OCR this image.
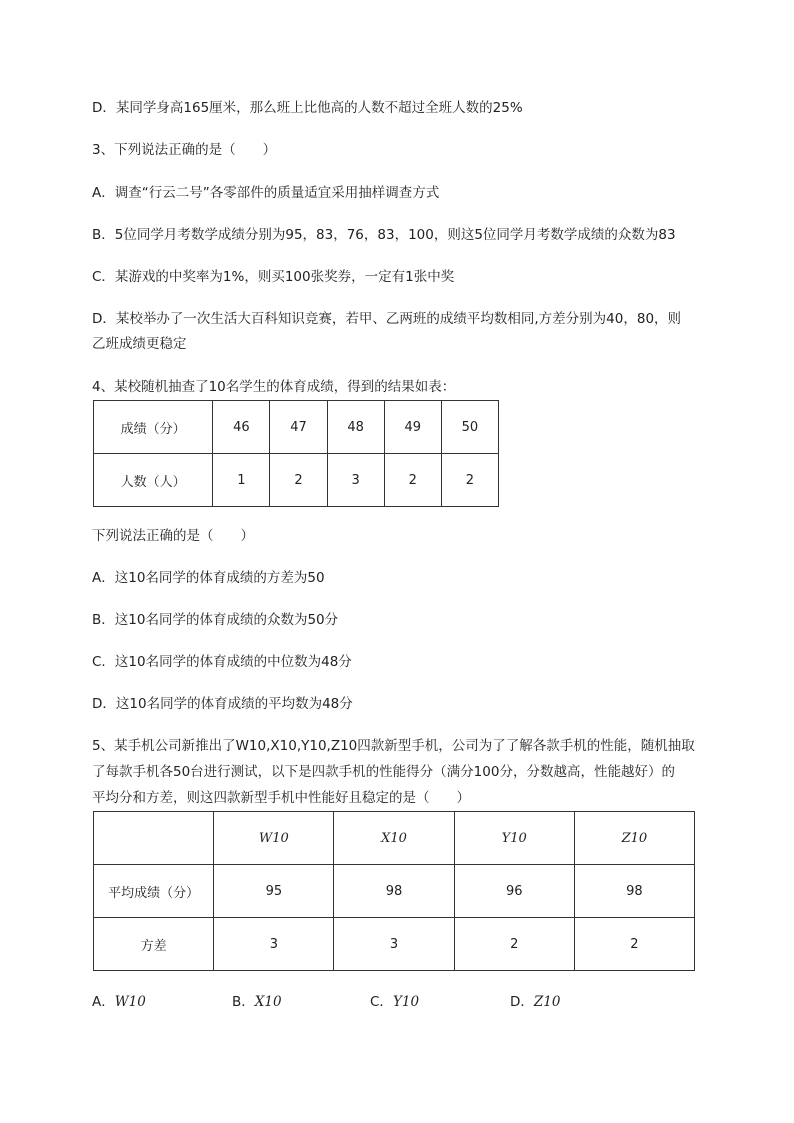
D．某同学身高165厘米，那么班上比他高的人数不超过全班人数的25%
3、下列说法正确的是（　　）
A．调查“行云二号”各零部件的质量适宜采用抽样调查方式
B．5位同学月考数学成绩分别为95，83，76，83，100，则这5位同学月考数学成绩的众数为83
C．某游戏的中奖率为1%，则买100张奖券，一定有1张中奖
D．某校举办了一次生活大百科知识竞赛，若甲、乙两班的成绩平均数相同,方差分别为40，80，则
乙班成绩更稳定
4、某校随机抽查了10名学生的体育成绩，得到的结果如表：
成绩（分）	46	47	48	49	50
人数（人）	1	2	3	2	2
下列说法正确的是（　　）
A．这10名同学的体育成绩的方差为50
B．这10名同学的体育成绩的众数为50分
C．这10名同学的体育成绩的中位数为48分
D．这10名同学的体育成绩的平均数为48分
5、某手机公司新推出了W10,X10,Y10,Z10四款新型手机，公司为了了解各款手机的性能，随机抽取
了每款手机各50台进行测试，以下是四款手机的性能得分（满分100分，分数越高，性能越好）的
平均分和方差，则这四款新型手机中性能好且稳定的是（　　）
	W10	X10	Y10	Z10
平均成绩（分）	95	98	96	98
方差	3	3	2	2
A．W10	B．X10	C．Y10	D．Z10
